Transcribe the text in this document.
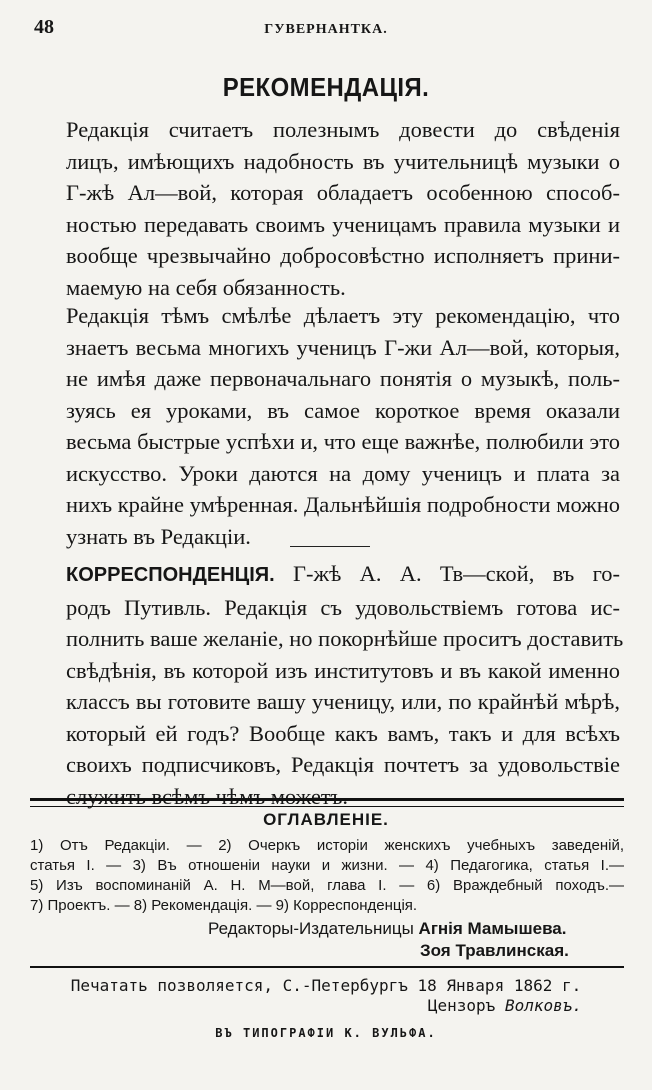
48	ГУВЕРНАНТКА.
РЕКОМЕНДАЦІЯ.
Редакція считаетъ полезнымъ довести до свѣденія
лицъ, имѣющихъ надобность въ учительницѣ музыки о
Г-жѣ Ал—вой, которая обладаетъ особенною способ-
ностью передавать своимъ ученицамъ правила музыки и
вообще чрезвычайно добросовѣстно исполняетъ прини-
маемую на себя обязанность.
Редакція тѣмъ смѣлѣе дѣлаетъ эту рекомендацію, что
знаетъ весьма многихъ ученицъ Г-жи Ал—вой, которыя,
не имѣя даже первоначальнаго понятія о музыкѣ, поль-
зуясь ея уроками, въ самое короткое время оказали
весьма быстрые успѣхи и, что еще важнѣе, полюбили это
искусство. Уроки даются на дому ученицъ и плата за
нихъ крайне умѣренная. Дальнѣйшія подробности можно
узнать въ Редакціи.
КОРРЕСПОНДЕНЦІЯ. Г-жѣ А. А. Тв—ской, въ го-
родъ Путивль. Редакція съ удовольствіемъ готова ис-
полнить ваше желаніе, но покорнѣйше проситъ доставить
свѣдѣнія, въ которой изъ институтовъ и въ какой именно
классъ вы готовите вашу ученицу, или, по крайнѣй мѣрѣ,
который ей годъ? Вообще какъ вамъ, такъ и для всѣхъ
своихъ подписчиковъ, Редакція почтетъ за удовольствіе
служить всѣмъ чѣмъ можетъ.
ОГЛАВЛЕНІЕ.
1) Отъ Редакціи. — 2) Очеркъ исторіи женскихъ учебныхъ заведеній,
статья I. — 3) Въ отношеніи науки и жизни. — 4) Педагогика, статья I.—
5) Изъ воспоминаній А. Н. М—вой, глава I. — 6) Враждебный походъ.—
7) Проектъ. — 8) Рекомендація. — 9) Корреспонденція.
Редакторы-Издательницы Агнія Мамышева.
Зоя Травлинская.
Печатать позволяется, С.-Петербургъ 18 Января 1862 г.
Цензоръ Волковъ.
ВЪ ТИПОГРАФІИ К. ВУЛЬФА.
